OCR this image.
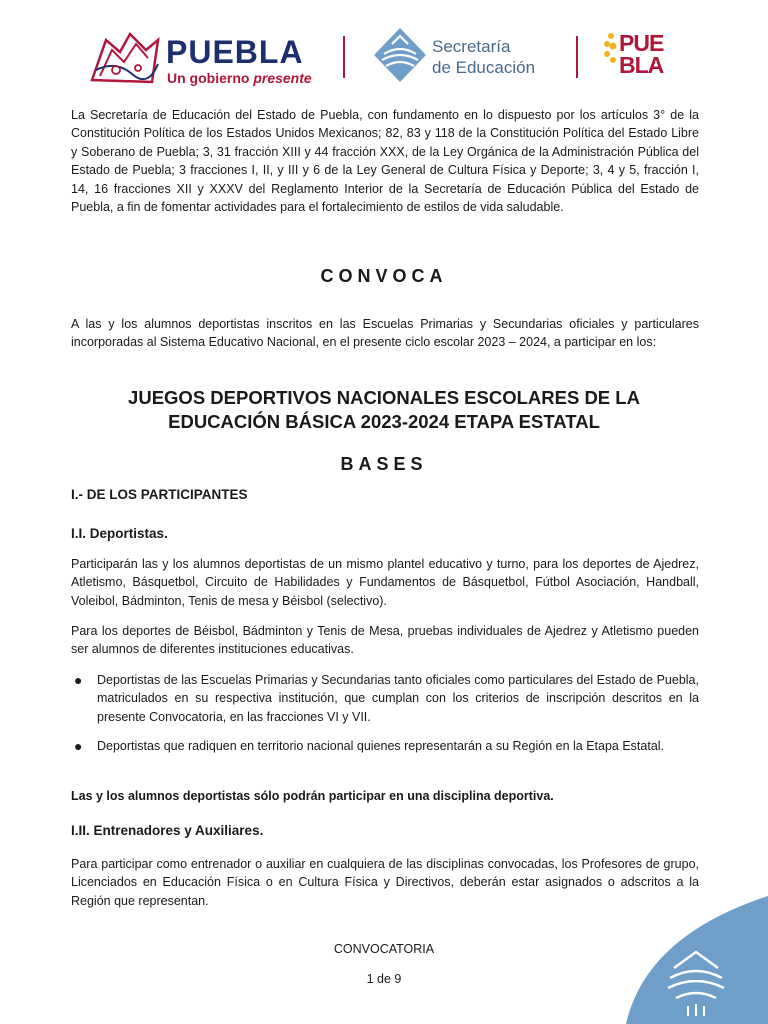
PUEBLA
Un gobierno presente
Secretaría
de Educación
PUE
BLA

La Secretaría de Educación del Estado de Puebla, con fundamento en lo dispuesto por los artículos 3° de la Constitución Política de los Estados Unidos Mexicanos; 82, 83 y 118 de la Constitución Política del Estado Libre y Soberano de Puebla; 3, 31 fracción XIII y 44 fracción XXX, de la Ley Orgánica de la Administración Pública del Estado de Puebla; 3 fracciones I, II, y III y 6 de la Ley General de Cultura Física y Deporte; 3, 4 y 5, fracción I, 14, 16 fracciones XII y XXXV del Reglamento Interior de la Secretaría de Educación Pública del Estado de Puebla, a fin de fomentar actividades para el fortalecimiento de estilos de vida saludable.

CONVOCA

A las y los alumnos deportistas inscritos en las Escuelas Primarias y Secundarias oficiales y particulares incorporadas al Sistema Educativo Nacional, en el presente ciclo escolar 2023 – 2024, a participar en los:

JUEGOS DEPORTIVOS NACIONALES ESCOLARES DE LA
EDUCACIÓN BÁSICA 2023-2024 ETAPA ESTATAL
BASES
I.- DE LOS PARTICIPANTES
I.I. Deportistas.

Participarán las y los alumnos deportistas de un mismo plantel educativo y turno, para los deportes de Ajedrez, Atletismo, Básquetbol, Circuito de Habilidades y Fundamentos de Básquetbol, Fútbol Asociación, Handball, Voleibol, Bádminton, Tenis de mesa y Béisbol (selectivo).

Para los deportes de Béisbol, Bádminton y Tenis de Mesa, pruebas individuales de Ajedrez y Atletismo pueden ser alumnos de diferentes instituciones educativas.

● Deportistas de las Escuelas Primarias y Secundarias tanto oficiales como particulares del Estado de Puebla, matriculados en su respectiva institución, que cumplan con los criterios de inscripción descritos en la presente Convocatoria, en las fracciones VI y VII.

● Deportistas que radiquen en territorio nacional quienes representarán a su Región en la Etapa Estatal.

Las y los alumnos deportistas sólo podrán participar en una disciplina deportiva.

I.II. Entrenadores y Auxiliares.

Para participar como entrenador o auxiliar en cualquiera de las disciplinas convocadas, los Profesores de grupo, Licenciados en Educación Física o en Cultura Física y Directivos, deberán estar asignados o adscritos a la Región que representan.

CONVOCATORIA
1 de 9
